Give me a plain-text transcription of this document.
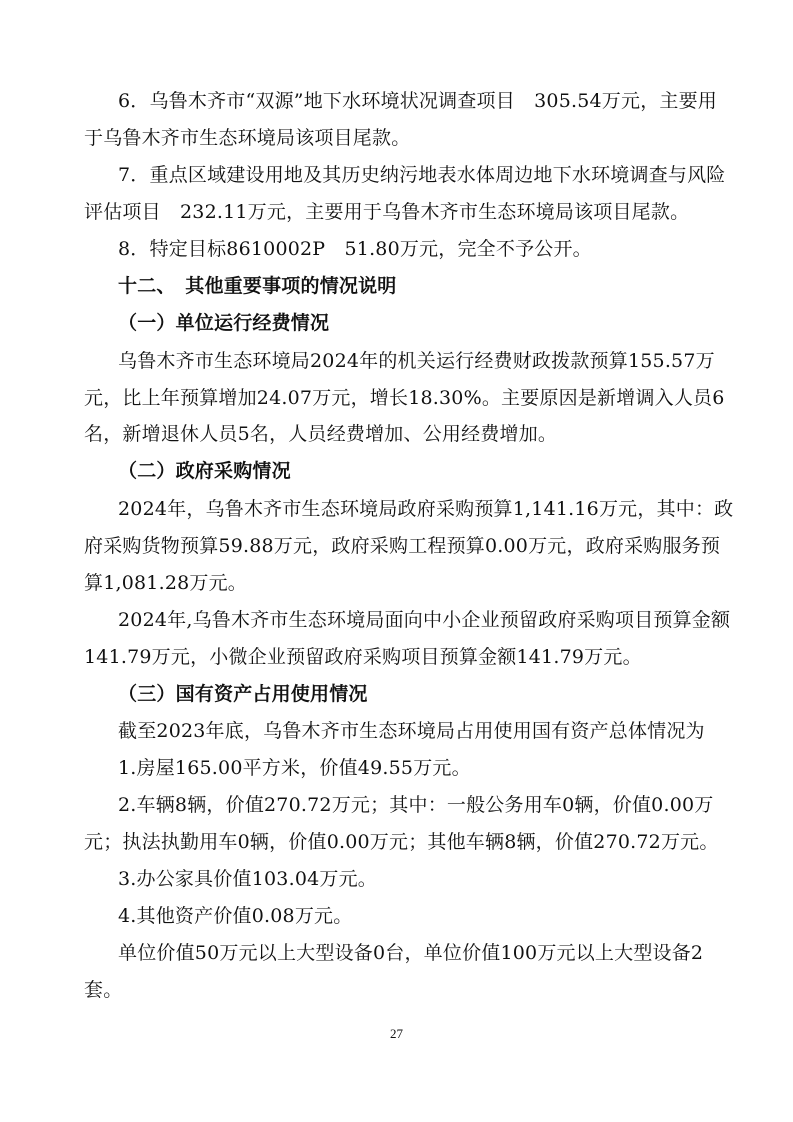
6．乌鲁木齐市“双源”地下水环境状况调查项目　305.54万元，主要用
于乌鲁木齐市生态环境局该项目尾款。
7．重点区域建设用地及其历史纳污地表水体周边地下水环境调查与风险
评估项目　232.11万元，主要用于乌鲁木齐市生态环境局该项目尾款。
8．特定目标8610002P　51.80万元，完全不予公开。
十二、　其他重要事项的情况说明
（一）单位运行经费情况
乌鲁木齐市生态环境局2024年的机关运行经费财政拨款预算155.57万
元，比上年预算增加24.07万元，增长18.30%。主要原因是新增调入人员6
名，新增退休人员5名，人员经费增加、公用经费增加。
（二）政府采购情况
2024年，乌鲁木齐市生态环境局政府采购预算1,141.16万元，其中：政
府采购货物预算59.88万元，政府采购工程预算0.00万元，政府采购服务预
算1,081.28万元。
2024年,乌鲁木齐市生态环境局面向中小企业预留政府采购项目预算金额
141.79万元，小微企业预留政府采购项目预算金额141.79万元。
（三）国有资产占用使用情况
截至2023年底，乌鲁木齐市生态环境局占用使用国有资产总体情况为
1.房屋165.00平方米，价值49.55万元。
2.车辆8辆，价值270.72万元；其中：一般公务用车0辆，价值0.00万
元；执法执勤用车0辆，价值0.00万元；其他车辆8辆，价值270.72万元。
3.办公家具价值103.04万元。
4.其他资产价值0.08万元。
单位价值50万元以上大型设备0台，单位价值100万元以上大型设备2
套。
27
